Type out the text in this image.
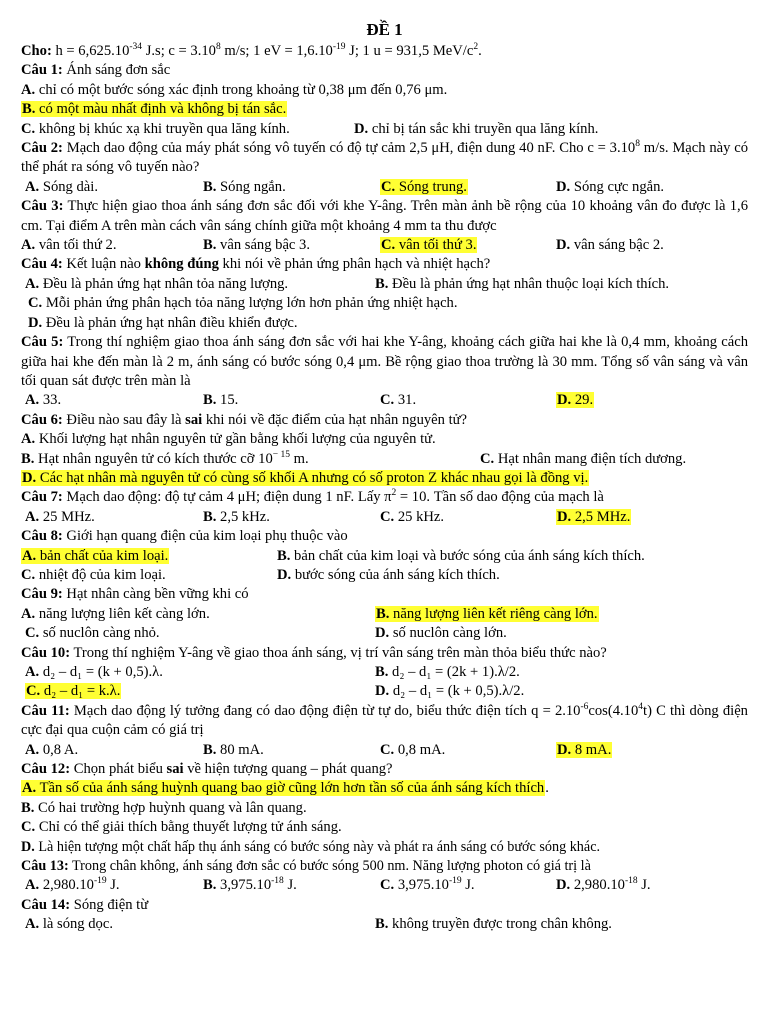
ĐỀ 1
Cho: $h = 6,625.10^{-34}$ J.s; $c = 3.10^8$ m/s; 1 eV = $1,6.10^{-19}$ J; 1 u = 931,5 MeV/$c^2$.
Câu 1: Ánh sáng đơn sắc
A. chỉ có một bước sóng xác định trong khoảng từ 0,38 μm đến 0,76 μm.
B. có một màu nhất định và không bị tán sắc.
C. không bị khúc xạ khi truyền qua lăng kính.	D. chỉ bị tán sắc khi truyền qua lăng kính.
Câu 2: Mạch dao động của máy phát sóng vô tuyến có độ tự cảm 2,5 μH, điện dung 40 nF. Cho $c = 3.10^8$ m/s. Mạch này có thể phát ra sóng vô tuyến nào?
A. Sóng dài.	B. Sóng ngắn.	C. Sóng trung.	D. Sóng cực ngắn.
Câu 3: Thực hiện giao thoa ánh sáng đơn sắc đối với khe Y-âng. Trên màn ảnh bề rộng của 10 khoảng vân đo được là 1,6 cm. Tại điểm A trên màn cách vân sáng chính giữa một khoảng 4 mm ta thu được
A. vân tối thứ 2.	B. vân sáng bậc 3.	C. vân tối thứ 3.	D. vân sáng bậc 2.
Câu 4: Kết luận nào không đúng khi nói về phản ứng phân hạch và nhiệt hạch?
A. Đều là phản ứng hạt nhân tỏa năng lượng.	B. Đều là phản ứng hạt nhân thuộc loại kích thích.
C. Mỗi phản ứng phân hạch tỏa năng lượng lớn hơn phản ứng nhiệt hạch.
D. Đều là phản ứng hạt nhân điều khiển được.
Câu 5: Trong thí nghiệm giao thoa ánh sáng đơn sắc với hai khe Y-âng, khoảng cách giữa hai khe là 0,4 mm, khoảng cách giữa hai khe đến màn là 2 m, ánh sáng có bước sóng 0,4 μm. Bề rộng giao thoa trường là 30 mm. Tổng số vân sáng và vân tối quan sát được trên màn là
A. 33.	B. 15.	C. 31.	D. 29.
Câu 6: Điều nào sau đây là sai khi nói về đặc điểm của hạt nhân nguyên tử?
A. Khối lượng hạt nhân nguyên tử gần bằng khối lượng của nguyên tử.
B. Hạt nhân nguyên tử có kích thước cỡ $10^{- 15}$ m.	C. Hạt nhân mang điện tích dương.
D. Các hạt nhân mà nguyên tử có cùng số khối A nhưng có số proton Z khác nhau gọi là đồng vị.
Câu 7: Mạch dao động: độ tự cảm 4 μH; điện dung 1 nF. Lấy $\pi^2 = 10$. Tần số dao động của mạch là
A. 25 MHz.	B. 2,5 kHz.	C. 25 kHz.	D. 2,5 MHz.
Câu 8: Giới hạn quang điện của kim loại phụ thuộc vào
A. bản chất của kim loại.	B. bản chất của kim loại và bước sóng của ánh sáng kích thích.
C. nhiệt độ của kim loại.	D. bước sóng của ánh sáng kích thích.
Câu 9: Hạt nhân càng bền vững khi có
A. năng lượng liên kết càng lớn.	B. năng lượng liên kết riêng càng lớn.
C. số nuclôn càng nhỏ.	D. số nuclôn càng lớn.
Câu 10: Trong thí nghiệm Y-âng về giao thoa ánh sáng, vị trí vân sáng trên màn thỏa biểu thức nào?
A. d₂ – d₁ = (k + 0,5).λ.	B. d₂ – d₁ = (2k + 1).λ/2.
C. d₂ – d₁ = k.λ.	D. d₂ – d₁ = (k + 0,5).λ/2.
Câu 11: Mạch dao động lý tưởng đang có dao động điện từ tự do, biểu thức điện tích $q = 2.10^{-6}\cos(4.10^4t)$ C thì dòng điện cực đại qua cuộn cảm có giá trị
A. 0,8 A.	B. 80 mA.	C. 0,8 mA.	D. 8 mA.
Câu 12: Chọn phát biểu sai về hiện tượng quang – phát quang?
A. Tần số của ánh sáng huỳnh quang bao giờ cũng lớn hơn tần số của ánh sáng kích thích.
B. Có hai trường hợp huỳnh quang và lân quang.
C. Chỉ có thể giải thích bằng thuyết lượng tử ánh sáng.
D. Là hiện tượng một chất hấp thụ ánh sáng có bước sóng này và phát ra ánh sáng có bước sóng khác.
Câu 13: Trong chân không, ánh sáng đơn sắc có bước sóng 500 nm. Năng lượng photon có giá trị là
A. $2,980.10^{-19}$ J.	B. $3,975.10^{-18}$ J.	C. $3,975.10^{-19}$ J.	D. $2,980.10^{-18}$ J.
Câu 14: Sóng điện từ
A. là sóng dọc.	B. không truyền được trong chân không.
